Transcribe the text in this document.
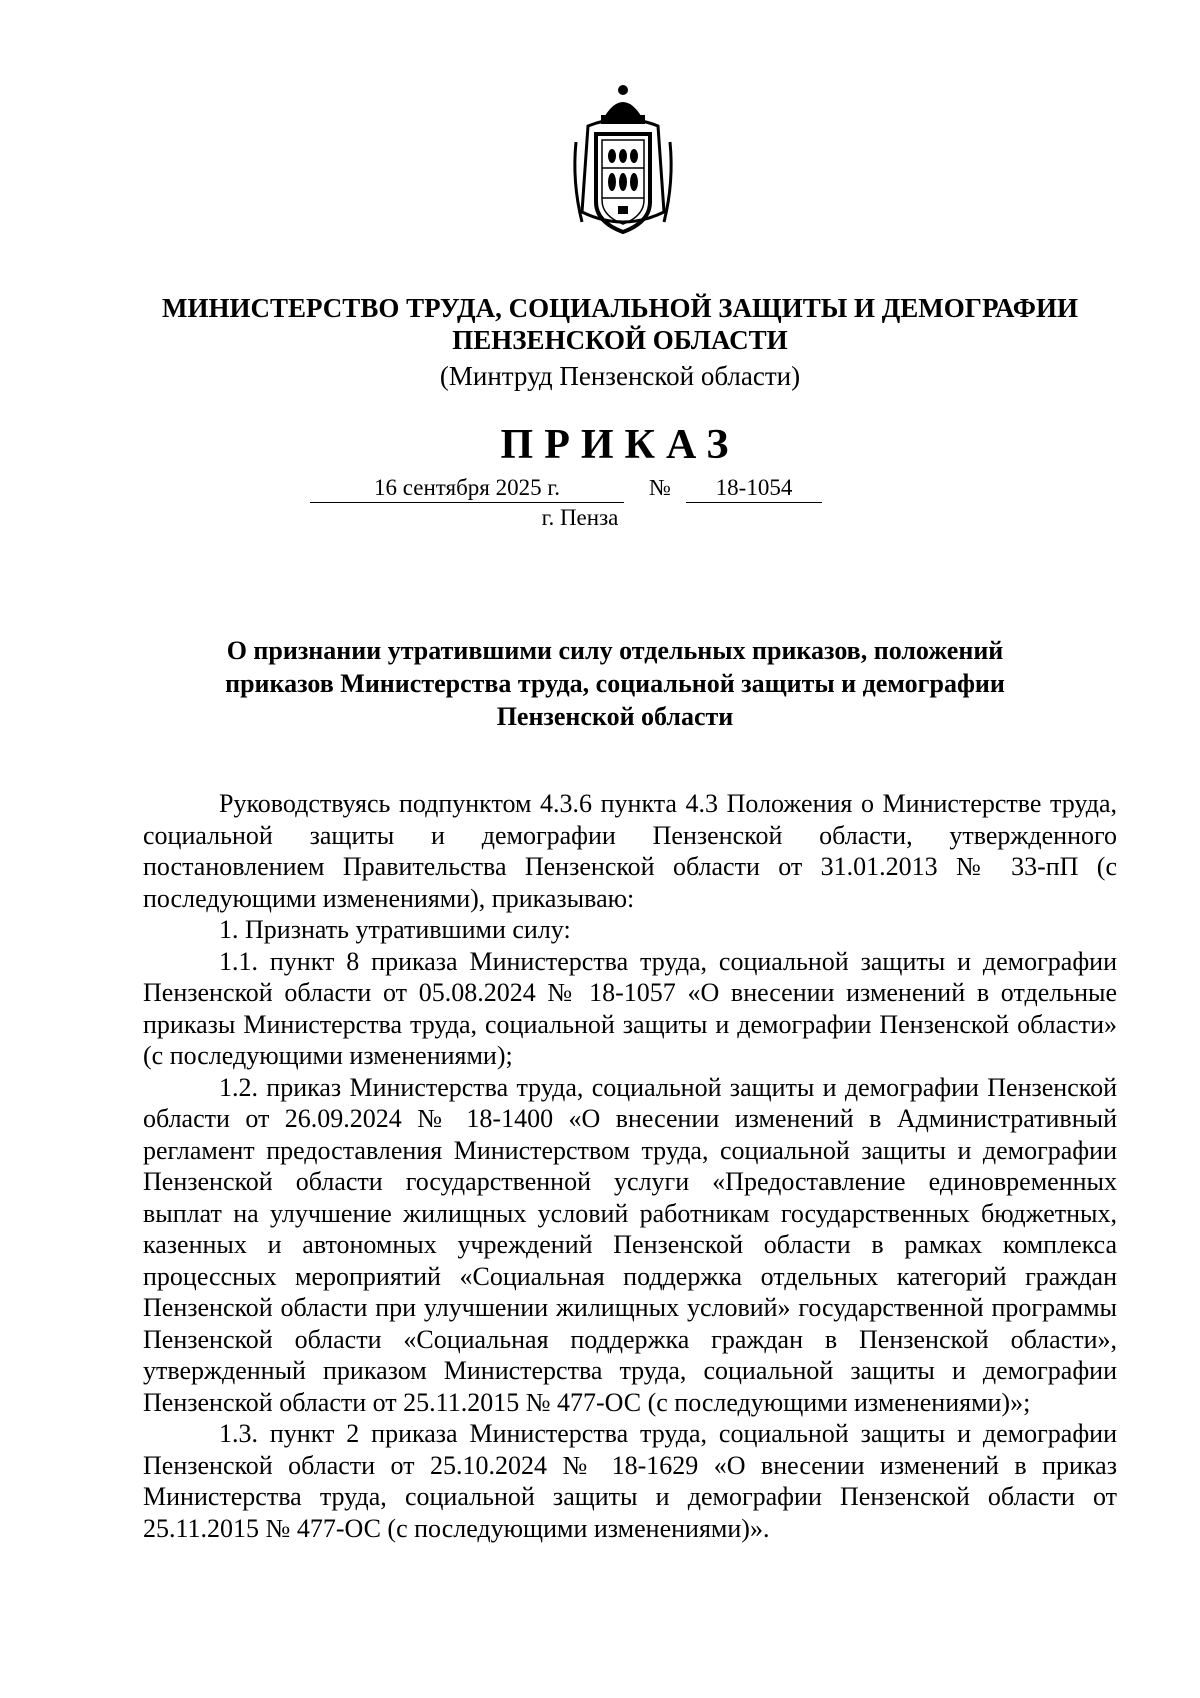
МИНИСТЕРСТВО ТРУДА, СОЦИАЛЬНОЙ ЗАЩИТЫ И ДЕМОГРАФИИ
ПЕНЗЕНСКОЙ ОБЛАСТИ
(Минтруд Пензенской области)
ПРИКАЗ
16 сентября 2025 г.	№	18-1054
г. Пенза
О признании утратившими силу отдельных приказов, положений
приказов Министерства труда, социальной защиты и демографии
Пензенской области

Руководствуясь подпунктом 4.3.6 пункта 4.3 Положения о Министерстве труда, социальной защиты и демографии Пензенской области, утвержденного постановлением Правительства Пензенской области от 31.01.2013 № 33-пП (с последующими изменениями), приказываю:

1. Признать утратившими силу:

1.1. пункт 8 приказа Министерства труда, социальной защиты и демографии Пензенской области от 05.08.2024 № 18-1057 «О внесении изменений в отдельные приказы Министерства труда, социальной защиты и демографии Пензенской области» (с последующими изменениями);

1.2. приказ Министерства труда, социальной защиты и демографии Пензенской области от 26.09.2024 № 18-1400 «О внесении изменений в Административный регламент предоставления Министерством труда, социальной защиты и демографии Пензенской области государственной услуги «Предоставление единовременных выплат на улучшение жилищных условий работникам государственных бюджетных, казенных и автономных учреждений Пензенской области в рамках комплекса процессных мероприятий «Социальная поддержка отдельных категорий граждан Пензенской области при улучшении жилищных условий» государственной программы Пензенской области «Социальная поддержка граждан в Пензенской области», утвержденный приказом Министерства труда, социальной защиты и демографии Пензенской области от 25.11.2015 № 477-ОС (с последующими изменениями)»;

1.3. пункт 2 приказа Министерства труда, социальной защиты и демографии Пензенской области от 25.10.2024 № 18-1629 «О внесении изменений в приказ Министерства труда, социальной защиты и демографии Пензенской области от 25.11.2015 № 477-ОС (с последующими изменениями)».
